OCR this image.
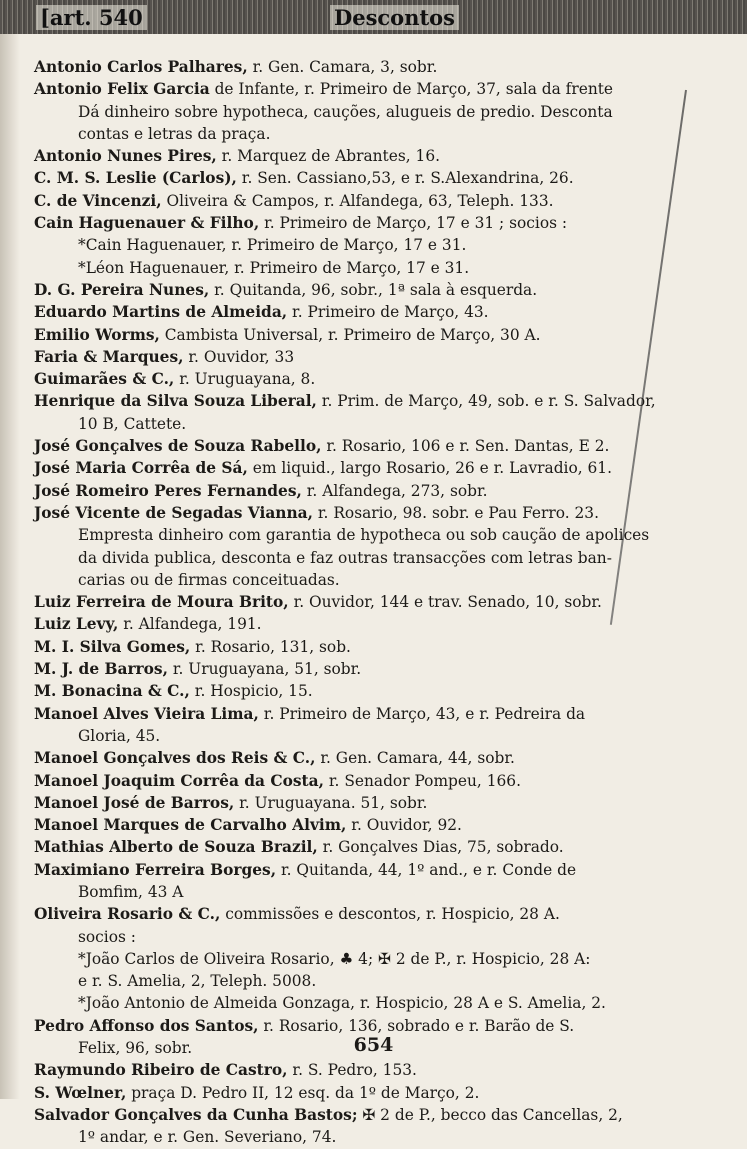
[art. 540	Descontos

Antonio Carlos Palhares, r. Gen. Camara, 3, sobr.

Antonio Felix Garcia de Infante, r. Primeiro de Março, 37, sala da frente

Dá dinheiro sobre hypotheca, cauções, alugueis de predio. Desconta

contas e letras da praça.

Antonio Nunes Pires, r. Marquez de Abrantes, 16.

C. M. S. Leslie (Carlos), r. Sen. Cassiano,53, e r. S.Alexandrina, 26.

C. de Vincenzi, Oliveira & Campos, r. Alfandega, 63, Teleph. 133.

Cain Haguenauer & Filho, r. Primeiro de Março, 17 e 31 ; socios :

*Cain Haguenauer, r. Primeiro de Março, 17 e 31.

*Léon Haguenauer, r. Primeiro de Março, 17 e 31.

D. G. Pereira Nunes, r. Quitanda, 96, sobr., 1ª sala à esquerda.

Eduardo Martins de Almeida, r. Primeiro de Março, 43.

Emilio Worms, Cambista Universal, r. Primeiro de Março, 30 A.

Faria & Marques, r. Ouvidor, 33

Guimarães & C., r. Uruguayana, 8.

Henrique da Silva Souza Liberal, r. Prim. de Março, 49, sob. e r. S. Salvador,

10 B, Cattete.

José Gonçalves de Souza Rabello, r. Rosario, 106 e r. Sen. Dantas, E 2.

José Maria Corrêa de Sá, em liquid., largo Rosario, 26 e r. Lavradio, 61.

José Romeiro Peres Fernandes, r. Alfandega, 273, sobr.

José Vicente de Segadas Vianna, r. Rosario, 98. sobr. e Pau Ferro. 23.

Empresta dinheiro com garantia de hypotheca ou sob caução de apolices

da divida publica, desconta e faz outras transacções com letras ban-

carias ou de firmas conceituadas.

Luiz Ferreira de Moura Brito, r. Ouvidor, 144 e trav. Senado, 10, sobr.

Luiz Levy, r. Alfandega, 191.

M. I. Silva Gomes, r. Rosario, 131, sob.

M. J. de Barros, r. Uruguayana, 51, sobr.

M. Bonacina & C., r. Hospicio, 15.

Manoel Alves Vieira Lima, r. Primeiro de Março, 43, e r. Pedreira da

Gloria, 45.

Manoel Gonçalves dos Reis & C., r. Gen. Camara, 44, sobr.

Manoel Joaquim Corrêa da Costa, r. Senador Pompeu, 166.

Manoel José de Barros, r. Uruguayana. 51, sobr.

Manoel Marques de Carvalho Alvim, r. Ouvidor, 92.

Mathias Alberto de Souza Brazil, r. Gonçalves Dias, 75, sobrado.

Maximiano Ferreira Borges, r. Quitanda, 44, 1º and., e r. Conde de

Bomfim, 43 A

Oliveira Rosario & C., commissões e descontos, r. Hospicio, 28 A.

socios :

*João Carlos de Oliveira Rosario, ♣ 4; ✠ 2 de P., r. Hospicio, 28 A:

e r. S. Amelia, 2, Teleph. 5008.

*João Antonio de Almeida Gonzaga, r. Hospicio, 28 A e S. Amelia, 2.

Pedro Affonso dos Santos, r. Rosario, 136, sobrado e r. Barão de S.

Felix, 96, sobr.

Raymundo Ribeiro de Castro, r. S. Pedro, 153.

S. Wœlner, praça D. Pedro II, 12 esq. da 1º de Março, 2.

Salvador Gonçalves da Cunha Bastos; ✠ 2 de P., becco das Cancellas, 2,

1º andar, e r. Gen. Severiano, 74.

654
